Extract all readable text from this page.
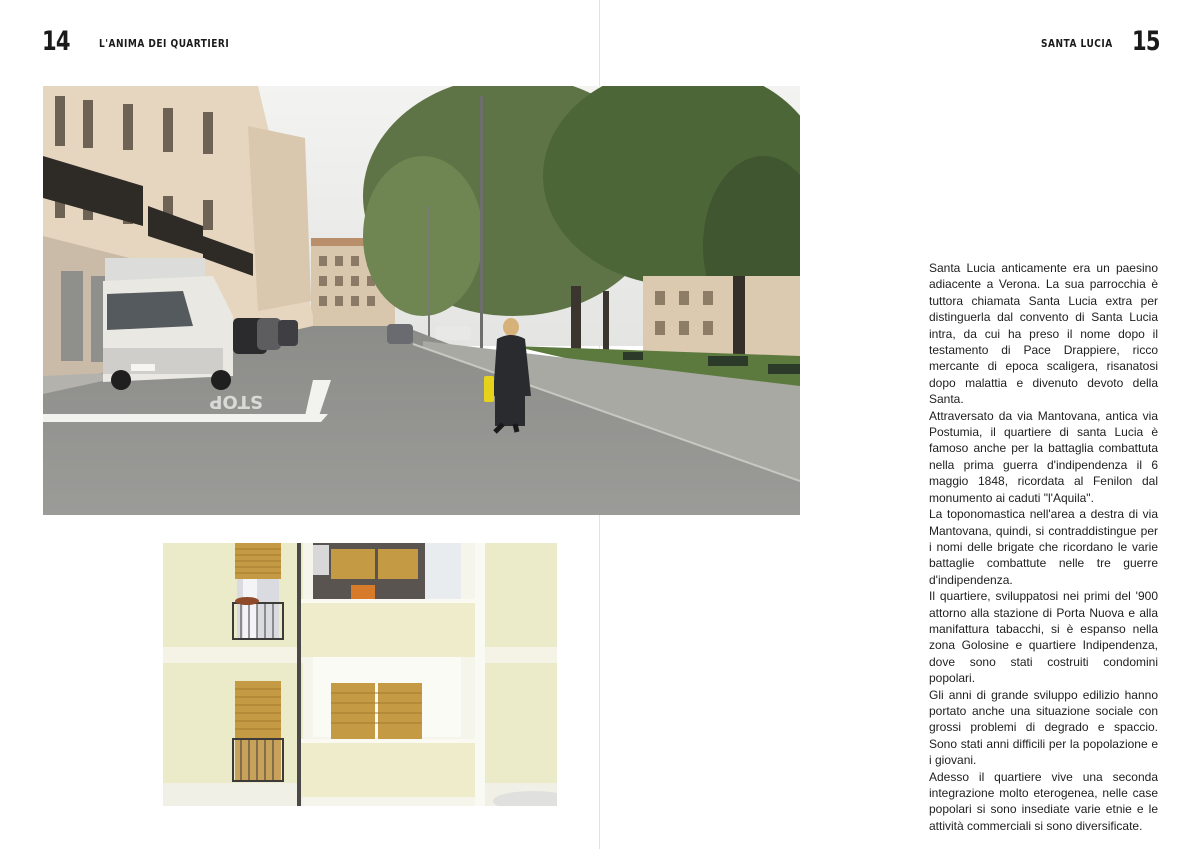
14	L'ANIMA DEI QUARTIERI	SANTA LUCIA 15
STOP

Santa Lucia anticamente era un paesino adiacente a Verona. La sua parrocchia è tuttora chiamata Santa Lucia extra per distinguerla dal convento di Santa Lucia intra, da cui ha preso il nome dopo il testamento di Pace Drappiere, ricco mercante di epoca scaligera, risanatosi dopo malattia e divenuto devoto della Santa.

Attraversato da via Mantovana, antica via Postumia, il quartiere di santa Lucia è famoso anche per la battaglia combattuta nella prima guerra d'indipendenza il 6 maggio 1848, ricordata al Fenilon dal monumento ai caduti "l'Aquila".

La toponomastica nell'area a destra di via Mantovana, quindi, si contraddistingue per i nomi delle brigate che ricordano le varie battaglie combattute nelle tre guerre d'indipendenza.

Il quartiere, sviluppatosi nei primi del '900 attorno alla stazione di Porta Nuova e alla manifattura tabacchi, si è espanso nella zona Golosine e quartiere Indipendenza, dove sono stati costruiti condomini popolari.

Gli anni di grande sviluppo edilizio hanno portato anche una situazione sociale con grossi problemi di degrado e spaccio. Sono stati anni difficili per la popolazione e i giovani.

Adesso il quartiere vive una seconda integrazione molto eterogenea, nelle case popolari si sono insediate varie etnie e le attività commerciali si sono diversificate.
